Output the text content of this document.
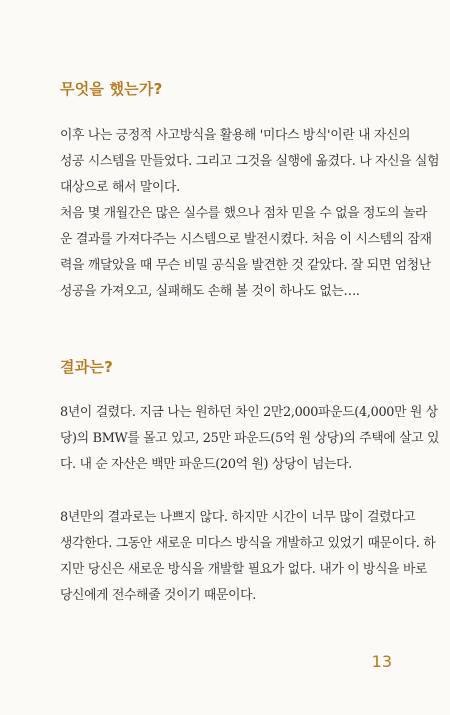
무엇을 했는가?
이후 나는 긍정적 사고방식을 활용해 '미다스 방식'이란 내 자신의
성공 시스템을 만들었다. 그리고 그것을 실행에 옮겼다. 나 자신을 실험
대상으로 해서 말이다.
처음 몇 개월간은 많은 실수를 했으나 점차 믿을 수 없을 정도의 놀라
운 결과를 가져다주는 시스템으로 발전시켰다. 처음 이 시스템의 잠재
력을 깨달았을 때 무슨 비밀 공식을 발견한 것 같았다. 잘 되면 엄청난
성공을 가져오고, 실패해도 손해 볼 것이 하나도 없는….
결과는?
8년이 걸렸다. 지금 나는 원하던 차인 2만2,000파운드(4,000만 원 상
당)의 BMW를 몰고 있고, 25만 파운드(5억 원 상당)의 주택에 살고 있
다. 내 순 자산은 백만 파운드(20억 원) 상당이 넘는다.
8년만의 결과로는 나쁘지 않다. 하지만 시간이 너무 많이 걸렸다고
생각한다. 그동안 새로운 미다스 방식을 개발하고 있었기 때문이다. 하
지만 당신은 새로운 방식을 개발할 필요가 없다. 내가 이 방식을 바로
당신에게 전수해줄 것이기 때문이다.
13
